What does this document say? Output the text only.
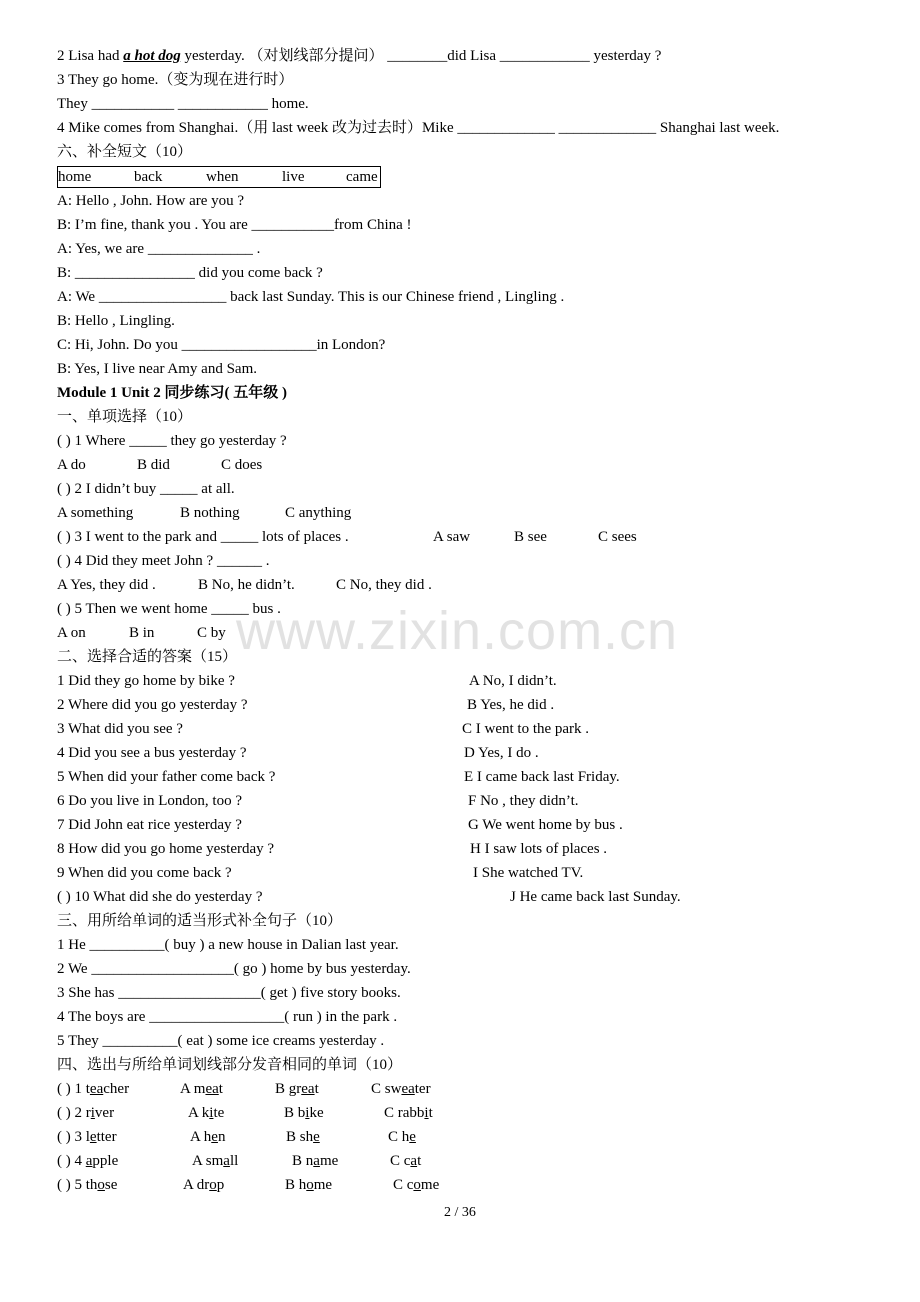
2 Lisa had a hot dog yesterday. （对划线部分提问） ________did Lisa ____________ yesterday ?
3 They go home.（变为现在进行时）
They ___________ ____________ home.
4 Mike comes from Shanghai.（用 last week 改为过去时）Mike _____________ _____________ Shanghai last week.
六、补全短文（10）
home	back	when	live	came
A: Hello , John. How are you ?
B: I’m fine, thank you . You are ___________from China !
A: Yes, we are ______________ .
B: ________________ did you come back ?
A: We _________________ back last Sunday. This is our Chinese friend , Lingling .
B: Hello , Lingling.
C: Hi, John. Do you __________________in London?
B: Yes, I live near Amy and Sam.
Module 1 Unit 2 同步练习( 五年级 )
一、单项选择（10）
( ) 1 Where _____ they go yesterday ?
A do	B did	C does
( ) 2 I didn’t buy _____ at all.
A something	B nothing	C anything
( ) 3 I went to the park and _____ lots of places .	A saw	B see	C sees
( ) 4 Did they meet John ? ______ .
A Yes, they did .	B No, he didn’t.	C No, they did .
( ) 5 Then we went home _____ bus .
A on	B in	C by
二、选择合适的答案（15）
1 Did they go home by bike ?	A No, I didn’t.
2 Where did you go yesterday ?	B Yes, he did .
3 What did you see ?	C I went to the park .
4 Did you see a bus yesterday ?	D Yes, I do .
5 When did your father come back ?	E I came back last Friday.
6 Do you live in London, too ?	F No , they didn’t.
7 Did John eat rice yesterday ?	G We went home by bus .
8 How did you go home yesterday ?	H I saw lots of places .
9 When did you come back ?	I She watched TV.
( ) 10 What did she do yesterday ?	J He came back last Sunday.
三、用所给单词的适当形式补全句子（10）
1 He __________( buy ) a new house in Dalian last year.
2 We ___________________( go ) home by bus yesterday.
3 She has ___________________( get ) five story books.
4 The boys are __________________( run ) in the park .
5 They __________( eat ) some ice creams yesterday .
四、选出与所给单词划线部分发音相同的单词（10）
( ) 1 teacher	A meat	B great	C sweater
( ) 2 river	A kite	B bike	C rabbit
( ) 3 letter	A hen	B she	C he
( ) 4 apple	A small	B name	C cat
( ) 5 those	A drop	B home	C come
www.zixin.com.cn
2 / 36
